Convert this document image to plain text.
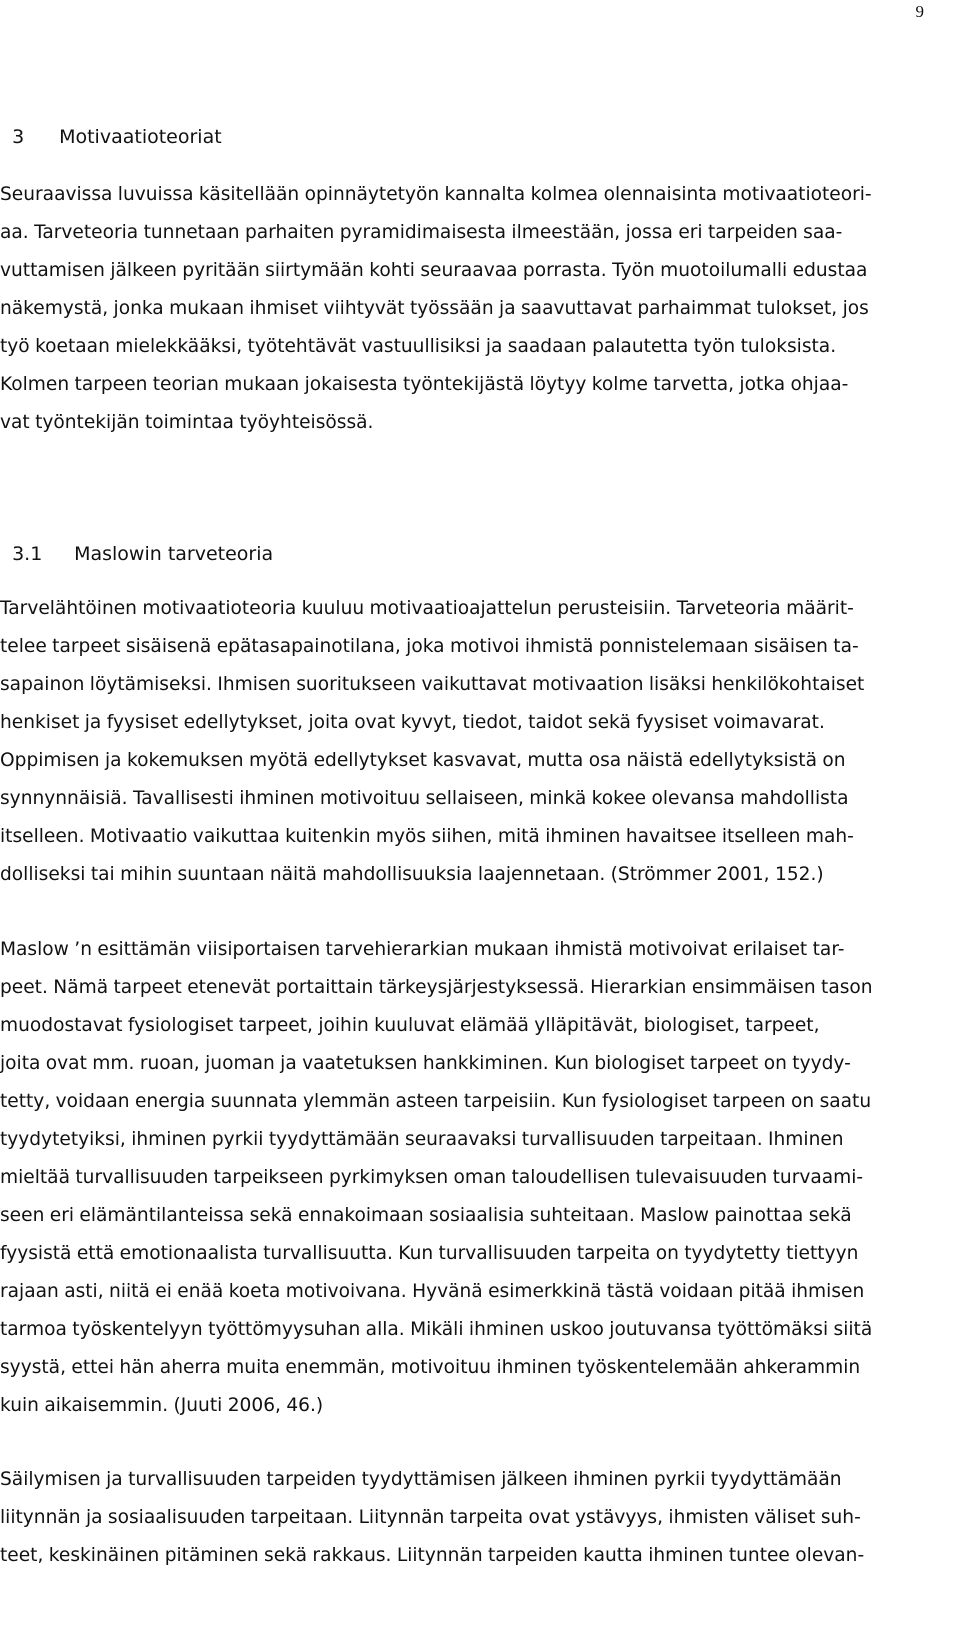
9

3 Motivaatioteoriat

Seuraavissa luvuissa käsitellään opinnäytetyön kannalta kolmea olennaisinta motivaatioteori-
aa. Tarveteoria tunnetaan parhaiten pyramidimaisesta ilmeestään, jossa eri tarpeiden saa-
vuttamisen jälkeen pyritään siirtymään kohti seuraavaa porrasta. Työn muotoilumalli edustaa
näkemystä, jonka mukaan ihmiset viihtyvät työssään ja saavuttavat parhaimmat tulokset, jos
työ koetaan mielekkääksi, työtehtävät vastuullisiksi ja saadaan palautetta työn tuloksista.
Kolmen tarpeen teorian mukaan jokaisesta työntekijästä löytyy kolme tarvetta, jotka ohjaa-
vat työntekijän toimintaa työyhteisössä.

3.1 Maslowin tarveteoria

Tarvelähtöinen motivaatioteoria kuuluu motivaatioajattelun perusteisiin. Tarveteoria määrit-
telee tarpeet sisäisenä epätasapainotilana, joka motivoi ihmistä ponnistelemaan sisäisen ta-
sapainon löytämiseksi. Ihmisen suoritukseen vaikuttavat motivaation lisäksi henkilökohtaiset
henkiset ja fyysiset edellytykset, joita ovat kyvyt, tiedot, taidot sekä fyysiset voimavarat.
Oppimisen ja kokemuksen myötä edellytykset kasvavat, mutta osa näistä edellytyksistä on
synnynnäisiä. Tavallisesti ihminen motivoituu sellaiseen, minkä kokee olevansa mahdollista
itselleen. Motivaatio vaikuttaa kuitenkin myös siihen, mitä ihminen havaitsee itselleen mah-
dolliseksi tai mihin suuntaan näitä mahdollisuuksia laajennetaan. (Strömmer 2001, 152.)
Maslow ’n esittämän viisiportaisen tarvehierarkian mukaan ihmistä motivoivat erilaiset tar-
peet. Nämä tarpeet etenevät portaittain tärkeysjärjestyksessä. Hierarkian ensimmäisen tason
muodostavat fysiologiset tarpeet, joihin kuuluvat elämää ylläpitävät, biologiset, tarpeet,
joita ovat mm. ruoan, juoman ja vaatetuksen hankkiminen. Kun biologiset tarpeet on tyydy-
tetty, voidaan energia suunnata ylemmän asteen tarpeisiin. Kun fysiologiset tarpeen on saatu
tyydytetyiksi, ihminen pyrkii tyydyttämään seuraavaksi turvallisuuden tarpeitaan. Ihminen
mieltää turvallisuuden tarpeikseen pyrkimyksen oman taloudellisen tulevaisuuden turvaami-
seen eri elämäntilanteissa sekä ennakoimaan sosiaalisia suhteitaan. Maslow painottaa sekä
fyysistä että emotionaalista turvallisuutta. Kun turvallisuuden tarpeita on tyydytetty tiettyyn
rajaan asti, niitä ei enää koeta motivoivana. Hyvänä esimerkkinä tästä voidaan pitää ihmisen
tarmoa työskentelyyn työttömyysuhan alla. Mikäli ihminen uskoo joutuvansa työttömäksi siitä
syystä, ettei hän aherra muita enemmän, motivoituu ihminen työskentelemään ahkerammin
kuin aikaisemmin. (Juuti 2006, 46.)
Säilymisen ja turvallisuuden tarpeiden tyydyttämisen jälkeen ihminen pyrkii tyydyttämään
liitynnän ja sosiaalisuuden tarpeitaan. Liitynnän tarpeita ovat ystävyys, ihmisten väliset suh-
teet, keskinäinen pitäminen sekä rakkaus. Liitynnän tarpeiden kautta ihminen tuntee olevan-
